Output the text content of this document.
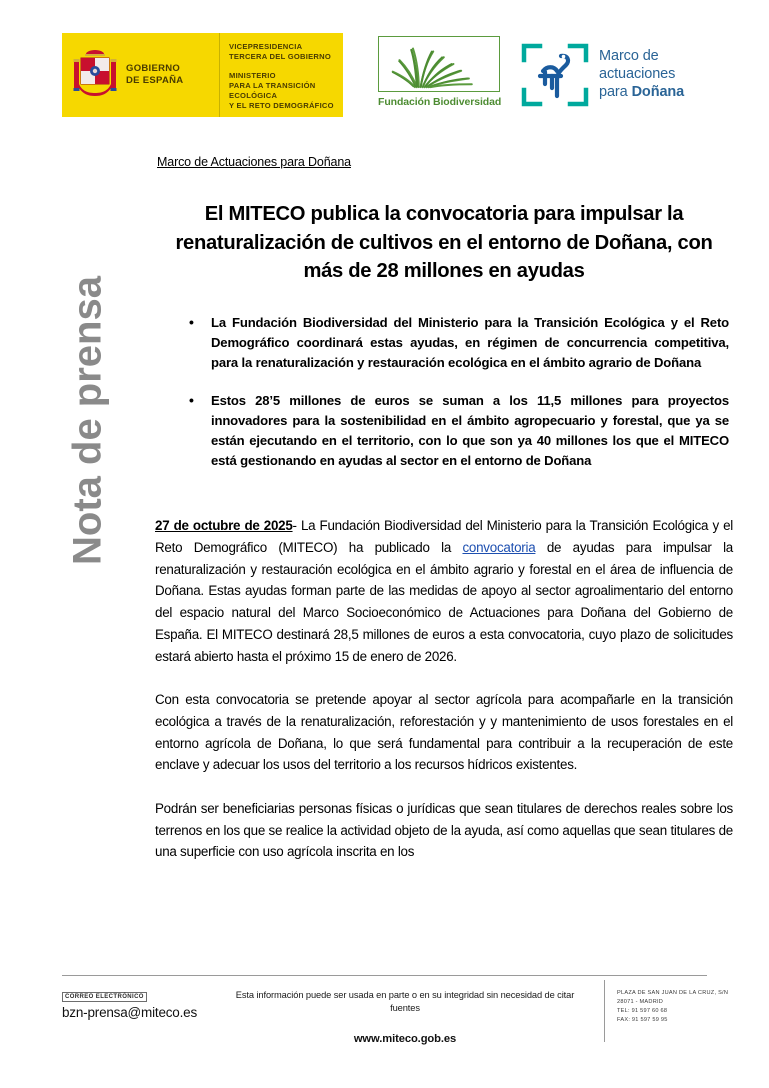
GOBIERNO
DE ESPAÑA
VICEPRESIDENCIA
TERCERA DEL GOBIERNO
MINISTERIO
PARA LA TRANSICIÓN ECOLÓGICA
Y EL RETO DEMOGRÁFICO	Fundación Biodiversidad
Marco de
actuaciones
para Doñana
Nota de prensa
Marco de Actuaciones para Doñana
El MITECO publica la convocatoria para impulsar la renaturalización de cultivos en el entorno de Doñana, con más de 28 millones en ayudas
• La Fundación Biodiversidad del Ministerio para la Transición Ecológica y el Reto Demográfico coordinará estas ayudas, en régimen de concurrencia competitiva, para la renaturalización y restauración ecológica en el ámbito agrario de Doñana
• Estos 28’5 millones de euros se suman a los 11,5 millones para proyectos innovadores para la sostenibilidad en el ámbito agropecuario y forestal, que ya se están ejecutando en el territorio, con lo que son ya 40 millones los que el MITECO está gestionando en ayudas al sector en el entorno de Doñana

27 de octubre de 2025- La Fundación Biodiversidad del Ministerio para la Transición Ecológica y el Reto Demográfico (MITECO) ha publicado la convocatoria de ayudas para impulsar la renaturalización y restauración ecológica en el ámbito agrario y forestal en el área de influencia de Doñana. Estas ayudas forman parte de las medidas de apoyo al sector agroalimentario del entorno del espacio natural del Marco Socioeconómico de Actuaciones para Doñana del Gobierno de España. El MITECO destinará 28,5 millones de euros a esta convocatoria, cuyo plazo de solicitudes estará abierto hasta el próximo 15 de enero de 2026.

Con esta convocatoria se pretende apoyar al sector agrícola para acompañarle en la transición ecológica a través de la renaturalización, reforestación y y mantenimiento de usos forestales en el entorno agrícola de Doñana, lo que será fundamental para contribuir a la recuperación de este enclave y adecuar los usos del territorio a los recursos hídricos existentes.

Podrán ser beneficiarias personas físicas o jurídicas que sean titulares de derechos reales sobre los terrenos en los que se realice la actividad objeto de la ayuda, así como aquellas que sean titulares de una superficie con uso agrícola inscrita en los

CORREO ELECTRÓNICO
bzn-prensa@miteco.es
Esta información puede ser usada en parte o en su integridad sin necesidad de citar fuentes
www.miteco.gob.es
PLAZA DE SAN JUAN DE LA CRUZ, S/N
28071 - MADRID
TEL: 91 597 60 68
FAX: 91 597 59 95
